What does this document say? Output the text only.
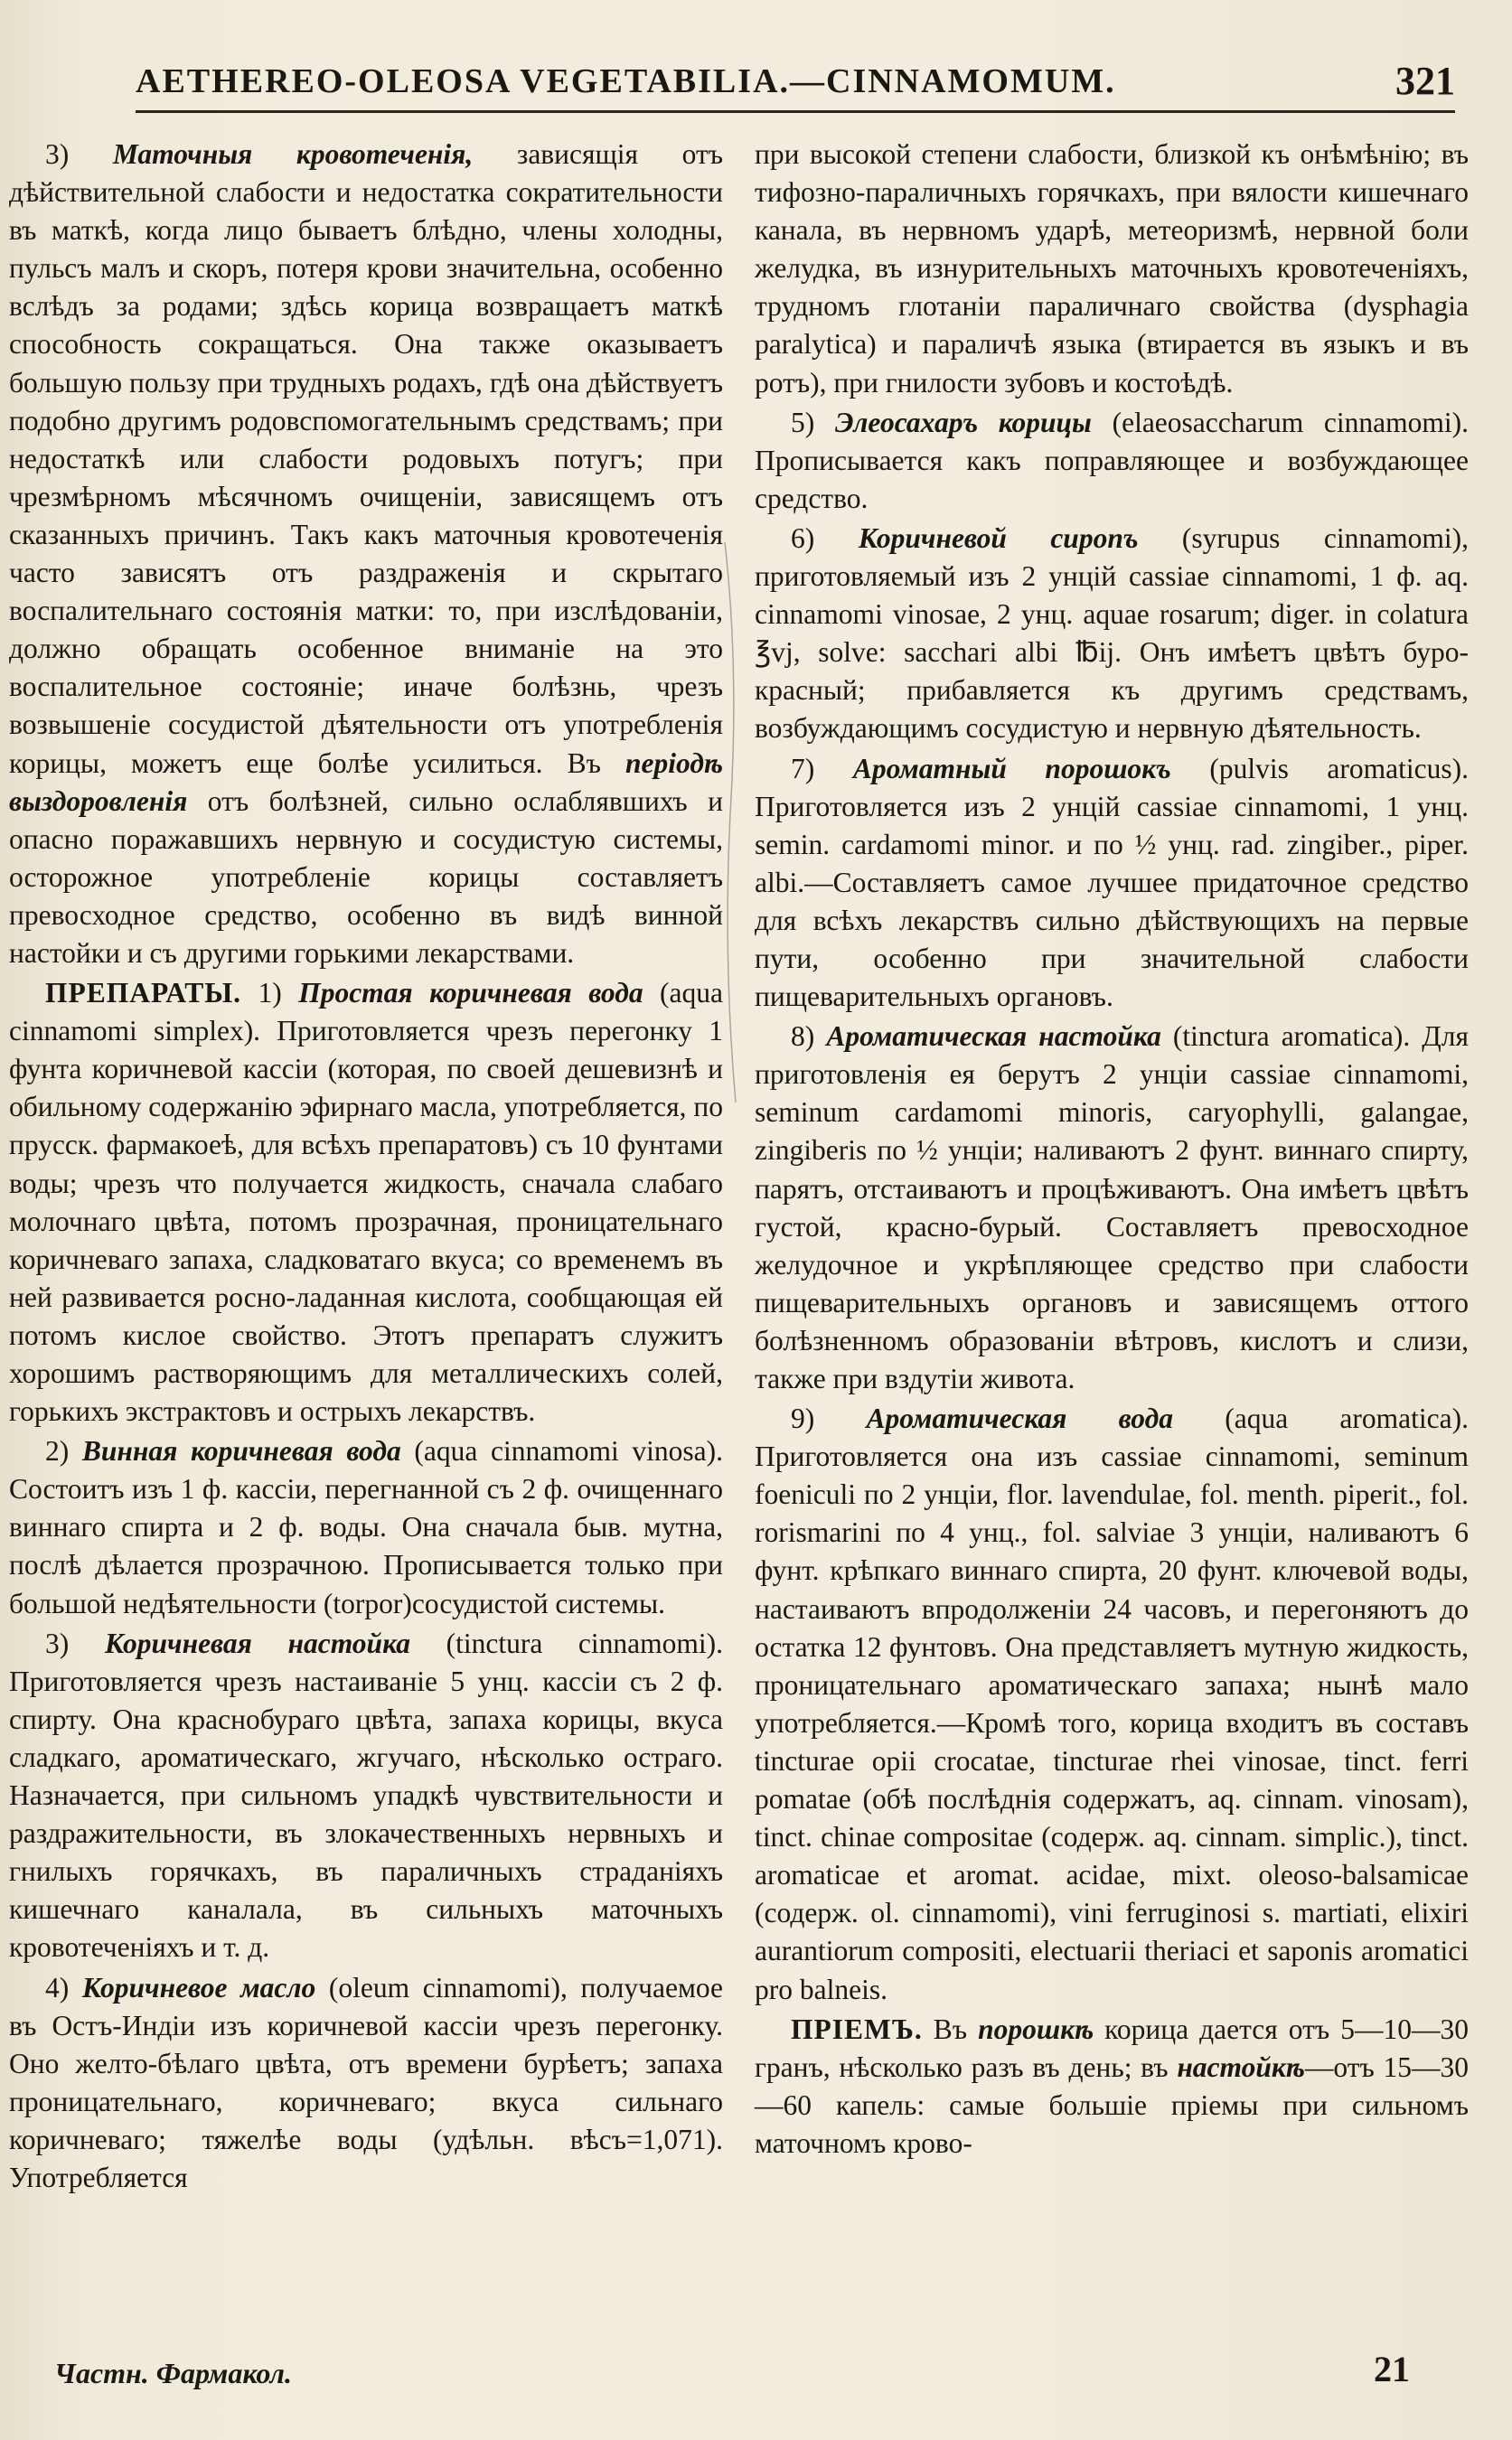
AETHEREO-OLEOSA VEGETABILIA.—CINNAMOMUM.	321

3) Маточныя кровотеченія, зависящія отъ дѣйствительной слабости и недостатка сократительности въ маткѣ, когда лицо бываетъ блѣдно, члены холодны, пульсъ малъ и скоръ, потеря крови значительна, особенно вслѣдъ за родами; здѣсь корица возвращаетъ маткѣ способность сокращаться. Она также оказываетъ большую пользу при трудныхъ родахъ, гдѣ она дѣйствуетъ подобно другимъ родовспомогательнымъ средствамъ; при недостаткѣ или слабости родовыхъ потугъ; при чрезмѣрномъ мѣсячномъ очищеніи, зависящемъ отъ сказанныхъ причинъ. Такъ какъ маточныя кровотеченія часто зависятъ отъ раздраженія и скрытаго воспалительнаго состоянія матки: то, при изслѣдованіи, должно обращать особенное вниманіе на это воспалительное состояніе; иначе болѣзнь, чрезъ возвышеніе сосудистой дѣятельности отъ употребленія корицы, можетъ еще болѣе усилиться. Въ періодѣ выздоровленія отъ болѣзней, сильно ослаблявшихъ и опасно поражавшихъ нервную и сосудистую системы, осторожное употребленіе корицы составляетъ превосходное средство, особенно въ видѣ винной настойки и съ другими горькими лекарствами.

ПРЕПАРАТЫ. 1) Простая коричневая вода (aqua cinnamomi simplex). Приготовляется чрезъ перегонку 1 фунта коричневой кассіи (которая, по своей дешевизнѣ и обильному содержанію эфирнаго масла, употребляется, по прусск. фармакоеѣ, для всѣхъ препаратовъ) съ 10 фунтами воды; чрезъ что получается жидкость, сначала слабаго молочнаго цвѣта, потомъ прозрачная, проницательнаго коричневаго запаха, сладковатаго вкуса; со временемъ въ ней развивается росно-ладанная кислота, сообщающая ей потомъ кислое свойство. Этотъ препаратъ служитъ хорошимъ растворяющимъ для металлическихъ солей, горькихъ экстрактовъ и острыхъ лекарствъ.

2) Винная коричневая вода (aqua cinnamomi vinosa). Состоитъ изъ 1 ф. кассіи, перегнанной съ 2 ф. очищеннаго виннаго спирта и 2 ф. воды. Она сначала быв. мутна, послѣ дѣлается прозрачною. Прописывается только при большой недѣятельности (torpor)сосудистой системы.

3) Коричневая настойка (tinctura cinnamomi). Приготовляется чрезъ настаиваніе 5 унц. кассіи съ 2 ф. спирту. Она краснобураго цвѣта, запаха корицы, вкуса сладкаго, ароматическаго, жгучаго, нѣсколько остраго. Назначается, при сильномъ упадкѣ чувствительности и раздражительности, въ злокачественныхъ нервныхъ и гнилыхъ горячкахъ, въ параличныхъ страданіяхъ кишечнаго каналала, въ сильныхъ маточныхъ кровотеченіяхъ и т. д.

4) Коричневое масло (oleum cinnamomi), получаемое въ Остъ-Индіи изъ коричневой кассіи чрезъ перегонку. Оно желто-бѣлаго цвѣта, отъ времени бурѣетъ; запаха проницательнаго, коричневаго; вкуса сильнаго коричневаго; тяжелѣе воды (удѣльн. вѣсъ=1,071). Употребляется

при высокой степени слабости, близкой къ онѣмѣнію; въ тифозно-параличныхъ горячкахъ, при вялости кишечнаго канала, въ нервномъ ударѣ, метеоризмѣ, нервной боли желудка, въ изнурительныхъ маточныхъ кровотеченіяхъ, трудномъ глотаніи параличнаго свойства (dysphagia paralytica) и параличѣ языка (втирается въ языкъ и въ ротъ), при гнилости зубовъ и костоѣдѣ.

5) Элеосахаръ корицы (elaeosaccharum cinnamomi). Прописывается какъ поправляющее и возбуждающее средство.

6) Коричневой сиропъ (syrupus cinnamomi), приготовляемый изъ 2 унцій cassiae cinnamomi, 1 ф. aq. cinnamomi vinosae, 2 унц. aquae rosarum; diger. in colatura ℥vj, solve: sacchari albi ℔ij. Онъ имѣетъ цвѣтъ буро-красный; прибавляется къ другимъ средствамъ, возбуждающимъ сосудистую и нервную дѣятельность.

7) Ароматный порошокъ (pulvis aromaticus). Приготовляется изъ 2 унцій cassiae cinnamomi, 1 унц. semin. cardamomi minor. и по ½ унц. rad. zingiber., piper. albi.—Составляетъ самое лучшее придаточное средство для всѣхъ лекарствъ сильно дѣйствующихъ на первые пути, особенно при значительной слабости пищеварительныхъ органовъ.

8) Ароматическая настойка (tinctura aromatica). Для приготовленія ея берутъ 2 унціи cassiae cinnamomi, seminum cardamomi minoris, caryophylli, galangae, zingiberis по ½ унціи; наливаютъ 2 фунт. виннаго спирту, парятъ, отстаиваютъ и процѣживаютъ. Она имѣетъ цвѣтъ густой, красно-бурый. Составляетъ превосходное желудочное и укрѣпляющее средство при слабости пищеварительныхъ органовъ и зависящемъ оттого болѣзненномъ образованіи вѣтровъ, кислотъ и слизи, также при вздутіи живота.

9) Ароматическая вода (aqua aromatica). Приготовляется она изъ cassiae cinnamomi, seminum foeniculi по 2 унціи, flor. lavendulae, fol. menth. piperit., fol. rorismarini по 4 унц., fol. salviae 3 унціи, наливаютъ 6 фунт. крѣпкаго виннаго спирта, 20 фунт. ключевой воды, настаиваютъ впродолженіи 24 часовъ, и перегоняютъ до остатка 12 фунтовъ. Она представляетъ мутную жидкость, проницательнаго ароматическаго запаха; нынѣ мало употребляется.—Кромѣ того, корица входитъ въ составъ tincturae opii crocatae, tincturae rhei vinosae, tinct. ferri pomatae (обѣ послѣднія содержатъ, aq. cinnam. vinosam), tinct. chinae compositae (содерж. aq. cinnam. simplic.), tinct. aromaticae et aromat. acidae, mixt. oleoso-balsamicae (содерж. ol. cinnamomi), vini ferruginosi s. martiati, elixiri aurantiorum compositi, electuarii theriaci et saponis aromatici pro balneis.

ПРІЕМЪ. Въ порошкѣ корица дается отъ 5—10—30 гранъ, нѣсколько разъ въ день; въ настойкѣ—отъ 15—30—60 капель: самые большіе пріемы при сильномъ маточномъ крово-

Частн. Фармакол.	21
